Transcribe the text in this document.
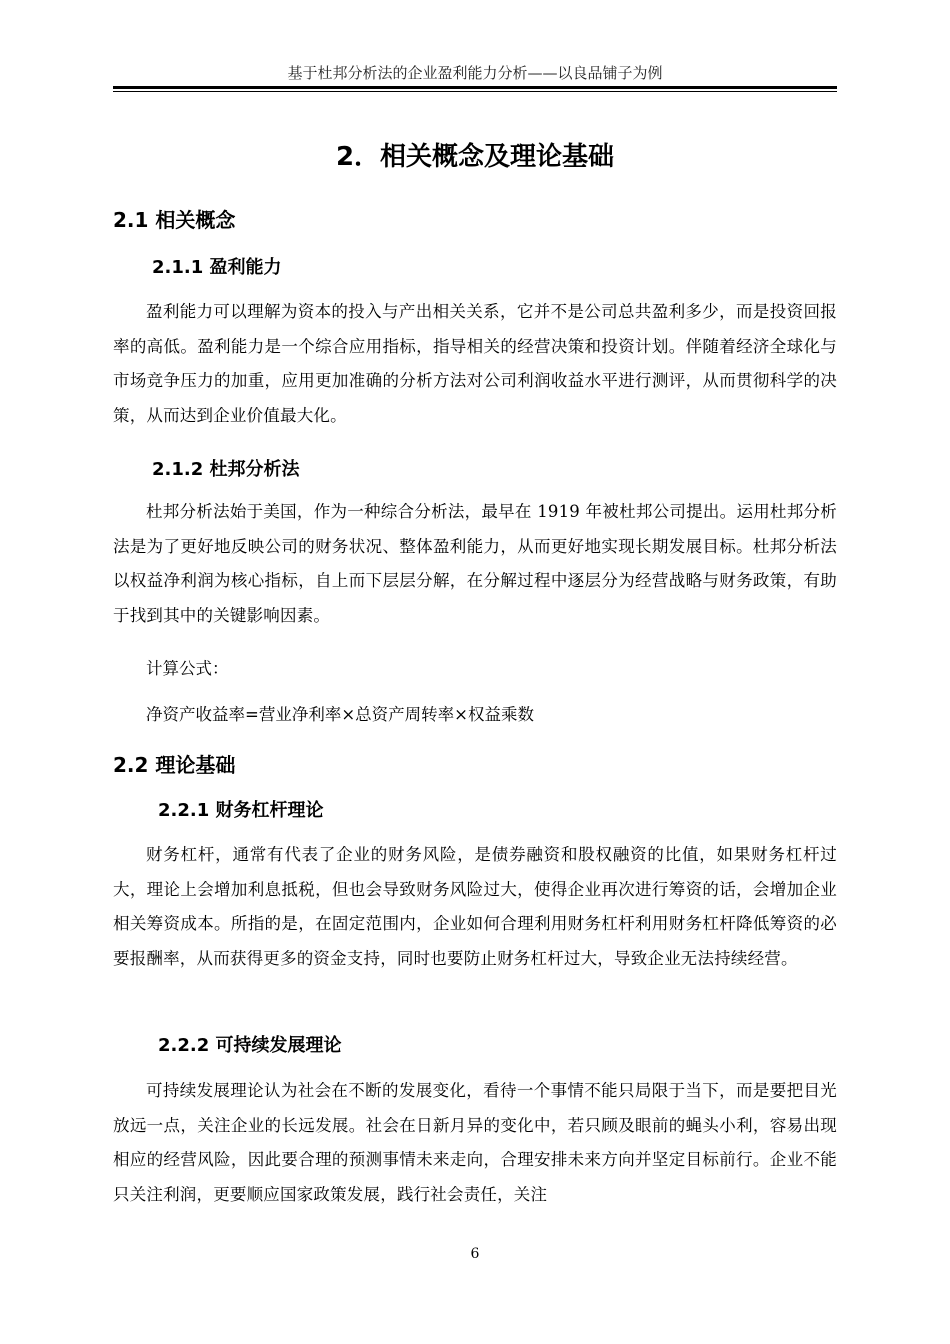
基于杜邦分析法的企业盈利能力分析——以良品铺子为例
2．相关概念及理论基础
2.1 相关概念
2.1.1 盈利能力

盈利能力可以理解为资本的投入与产出相关关系，它并不是公司总共盈利多少，而是投资回报率的高低。盈利能力是一个综合应用指标，指导相关的经营决策和投资计划。伴随着经济全球化与市场竞争压力的加重，应用更加准确的分析方法对公司利润收益水平进行测评，从而贯彻科学的决策，从而达到企业价值最大化。

2.1.2 杜邦分析法

杜邦分析法始于美国，作为一种综合分析法，最早在 1919 年被杜邦公司提出。运用杜邦分析法是为了更好地反映公司的财务状况、整体盈利能力，从而更好地实现长期发展目标。杜邦分析法以权益净利润为核心指标，自上而下层层分解，在分解过程中逐层分为经营战略与财务政策，有助于找到其中的关键影响因素。

计算公式：

净资产收益率=营业净利率×总资产周转率×权益乘数

2.2 理论基础
2.2.1 财务杠杆理论

财务杠杆，通常有代表了企业的财务风险，是债券融资和股权融资的比值，如果财务杠杆过大，理论上会增加利息抵税，但也会导致财务风险过大，使得企业再次进行筹资的话，会增加企业相关筹资成本。所指的是，在固定范围内，企业如何合理利用财务杠杆利用财务杠杆降低筹资的必要报酬率，从而获得更多的资金支持，同时也要防止财务杠杆过大，导致企业无法持续经营。

2.2.2 可持续发展理论

可持续发展理论认为社会在不断的发展变化，看待一个事情不能只局限于当下，而是要把目光放远一点，关注企业的长远发展。社会在日新月异的变化中，若只顾及眼前的蝇头小利，容易出现相应的经营风险，因此要合理的预测事情未来走向，合理安排未来方向并坚定目标前行。企业不能只关注利润，更要顺应国家政策发展，践行社会责任，关注

6
